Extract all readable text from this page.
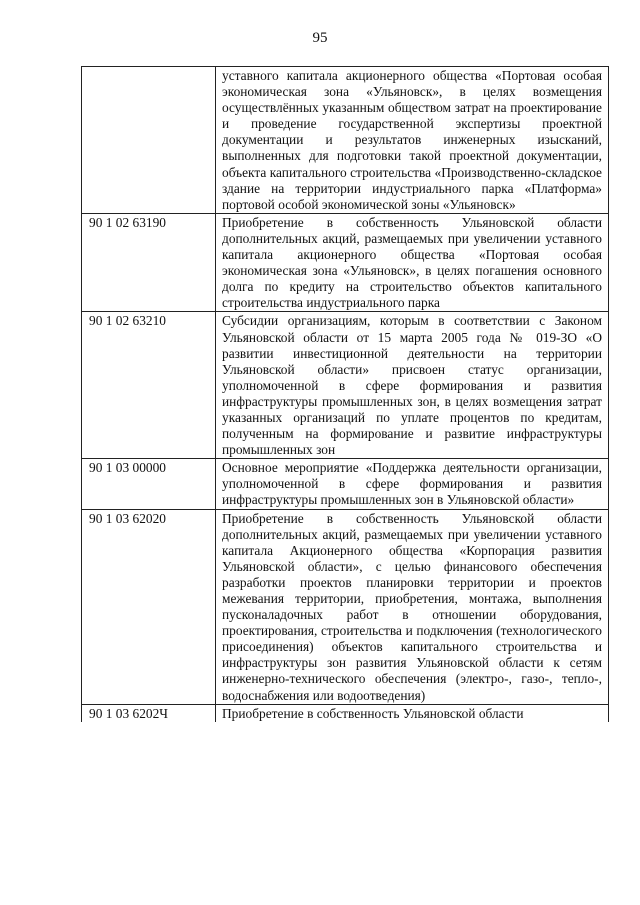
95
	уставного капитала акционерного общества «Портовая особая экономическая зона «Ульяновск», в целях возмещения осуществлённых указанным обществом затрат на проектирование и проведение государственной экспертизы проектной документации и результатов инженерных изысканий, выполненных для подготовки такой проектной документации, объекта капитального строительства «Производственно-складское здание на территории индустриального парка «Платформа» портовой особой экономической зоны «Ульяновск»
90 1 02 63190	Приобретение в собственность Ульяновской области дополнительных акций, размещаемых при увеличении уставного капитала акционерного общества «Портовая особая экономическая зона «Ульяновск», в целях погашения основного долга по кредиту на строительство объектов капитального строительства индустриального парка
90 1 02 63210	Субсидии организациям, которым в соответствии с Законом Ульяновской области от 15 марта 2005 года № 019-ЗО «О развитии инвестиционной деятельности на территории Ульяновской области» присвоен статус организации, уполномоченной в сфере формирования и развития инфраструктуры промышленных зон, в целях возмещения затрат указанных организаций по уплате процентов по кредитам, полученным на формирование и развитие инфраструктуры промышленных зон
90 1 03 00000	Основное мероприятие «Поддержка деятельности организации, уполномоченной в сфере формирования и развития инфраструктуры промышленных зон в Ульяновской области»
90 1 03 62020	Приобретение в собственность Ульяновской области дополнительных акций, размещаемых при увеличении уставного капитала Акционерного общества «Корпорация развития Ульяновской области», с целью финансового обеспечения разработки проектов планировки территории и проектов межевания территории, приобретения, монтажа, выполнения пусконаладочных работ в отношении оборудования, проектирования, строительства и подключения (технологического присоединения) объектов капитального строительства и инфраструктуры зон развития Ульяновской области к сетям инженерно-технического обеспечения (электро-, газо-, тепло-, водоснабжения или водоотведения)
90 1 03 6202Ч	Приобретение в собственность Ульяновской области
